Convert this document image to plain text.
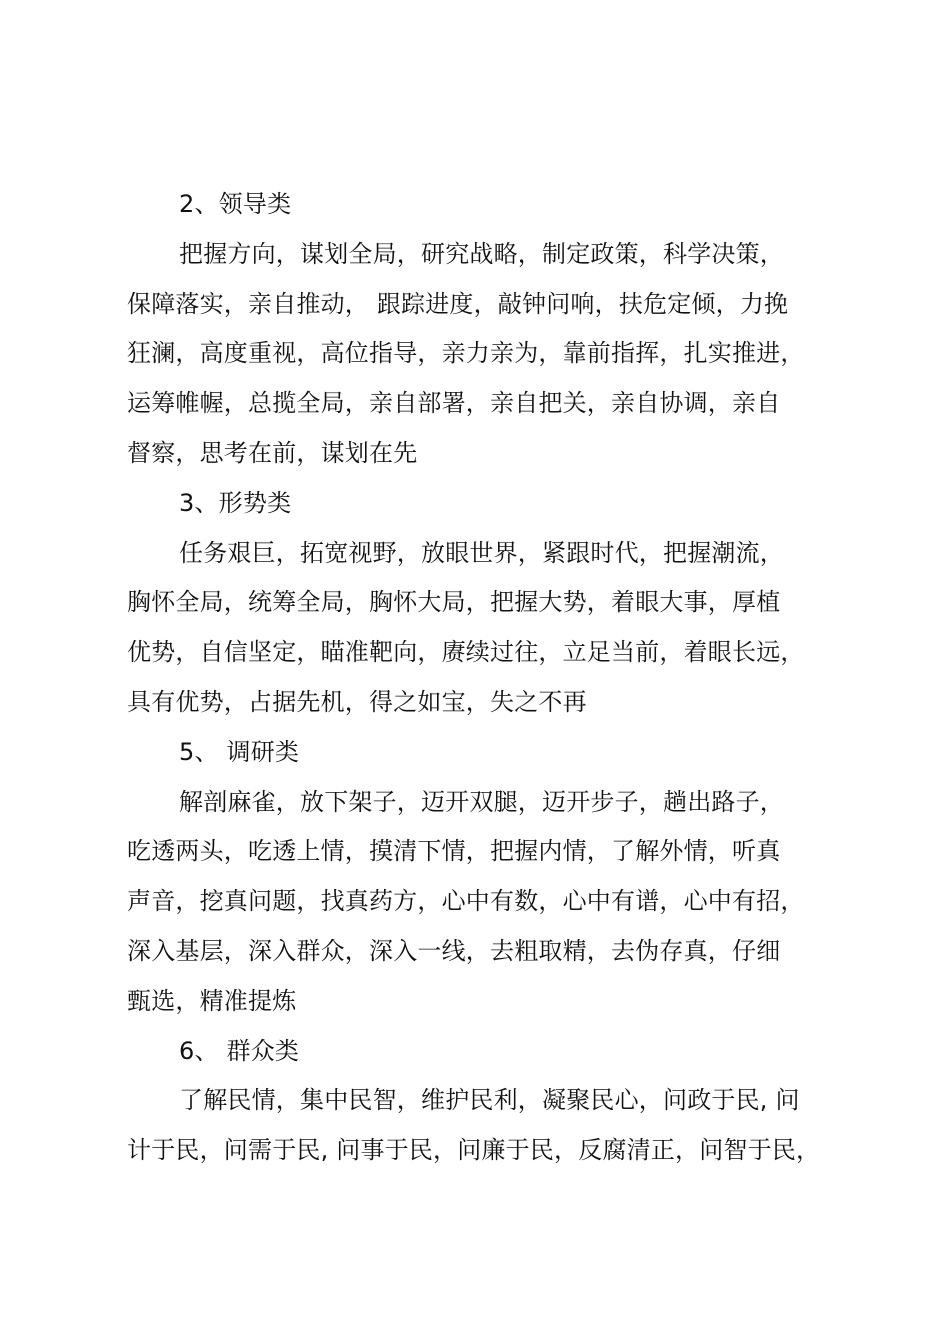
2、领导类
把握方向，谋划全局，研究战略，制定政策，科学决策，
保障落实，亲自推动， 跟踪进度，敲钟问响，扶危定倾，力挽
狂澜，高度重视，高位指导，亲力亲为，靠前指挥，扎实推进，
运筹帷幄，总揽全局，亲自部署，亲自把关，亲自协调，亲自
督察，思考在前，谋划在先
3、形势类
任务艰巨，拓宽视野，放眼世界，紧跟时代，把握潮流，
胸怀全局，统筹全局，胸怀大局，把握大势，着眼大事，厚植
优势，自信坚定，瞄准靶向，赓续过往，立足当前，着眼长远，
具有优势，占据先机，得之如宝，失之不再
5、 调研类
解剖麻雀，放下架子，迈开双腿，迈开步子，趟出路子，
吃透两头，吃透上情，摸清下情，把握内情，了解外情，听真
声音，挖真问题，找真药方，心中有数，心中有谱，心中有招，
深入基层，深入群众，深入一线，去粗取精，去伪存真，仔细
甄选，精准提炼
6、 群众类
了解民情，集中民智，维护民利，凝聚民心，问政于民, 问
计于民，问需于民, 问事于民，问廉于民，反腐清正，问智于民，
